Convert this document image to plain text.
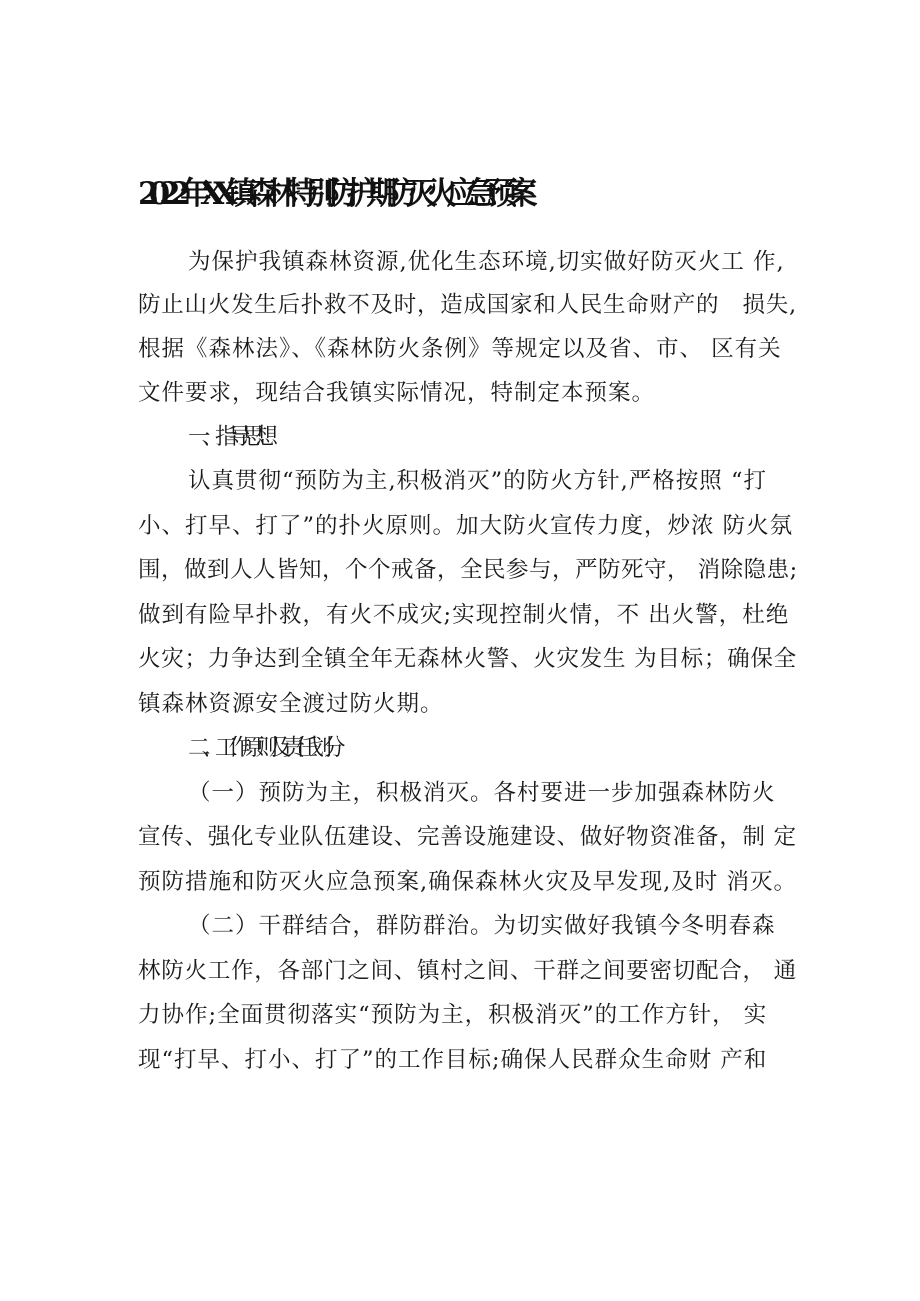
2022年XX镇森林特别防护期防灭火应急预案

为保护我镇森林资源,优化生态环境,切实做好防灭火工 作,

防止山火发生后扑救不及时，造成国家和人民生命财产的　损失,

根据《森林法》、《森林防火条例》等规定以及省、市、 区有关

文件要求，现结合我镇实际情况，特制定本预案。

一、指导思想

认真贯彻“预防为主,积极消灭”的防火方针,严格按照 “打

小、打早、打了”的扑火原则。加大防火宣传力度，炒浓 防火氛

围，做到人人皆知，个个戒备，全民参与，严防死守， 消除隐患;

做到有险早扑救，有火不成灾;实现控制火情，不 出火警，杜绝

火灾；力争达到全镇全年无森林火警、火灾发生 为目标；确保全

镇森林资源安全渡过防火期。

二、工作原则及责任划分

（一）预防为主，积极消灭。各村要进一步加强森林防火

宣传、强化专业队伍建设、完善设施建设、做好物资准备，制 定

预防措施和防灭火应急预案,确保森林火灾及早发现,及时 消灭。

（二）干群结合，群防群治。为切实做好我镇今冬明春森

林防火工作，各部门之间、镇村之间、干群之间要密切配合， 通

力协作;全面贯彻落实“预防为主，积极消灭”的工作方针， 实

现“打早、打小、打了”的工作目标;确保人民群众生命财 产和
